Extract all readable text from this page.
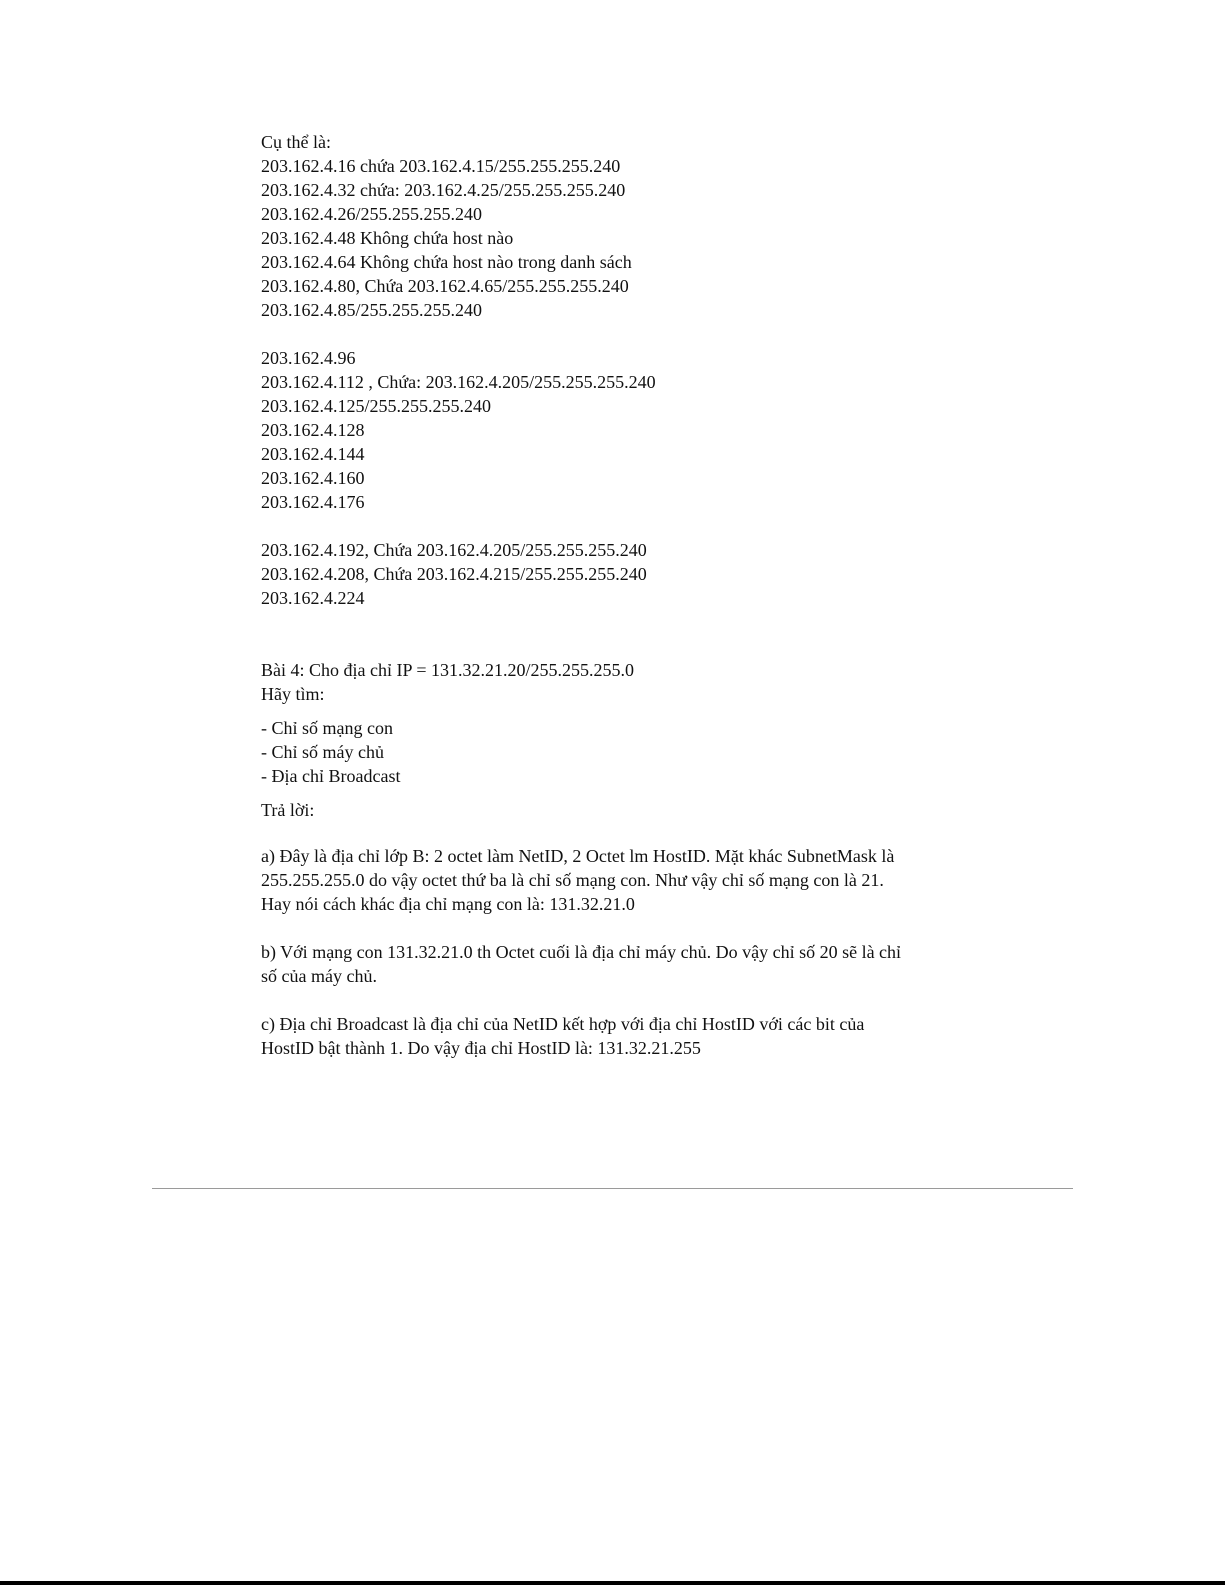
Cụ thể là:
203.162.4.16 chứa 203.162.4.15/255.255.255.240
203.162.4.32 chứa: 203.162.4.25/255.255.255.240
203.162.4.26/255.255.255.240
203.162.4.48 Không chứa host nào
203.162.4.64 Không chứa host nào trong danh sách
203.162.4.80, Chứa 203.162.4.65/255.255.255.240
203.162.4.85/255.255.255.240
203.162.4.96
203.162.4.112 , Chứa: 203.162.4.205/255.255.255.240
203.162.4.125/255.255.255.240
203.162.4.128
203.162.4.144
203.162.4.160
203.162.4.176
203.162.4.192, Chứa 203.162.4.205/255.255.255.240
203.162.4.208, Chứa 203.162.4.215/255.255.255.240
203.162.4.224
Bài 4: Cho địa chỉ IP = 131.32.21.20/255.255.255.0
Hãy tìm:
- Chỉ số mạng con
- Chỉ số máy chủ
- Địa chỉ Broadcast
Trả lời:
a) Đây là địa chỉ lớp B: 2 octet làm NetID, 2 Octet lm HostID. Mặt khác SubnetMask là
255.255.255.0 do vậy octet thứ ba là chỉ số mạng con. Như vậy chỉ số mạng con là 21.
Hay nói cách khác địa chỉ mạng con là: 131.32.21.0
b) Với mạng con 131.32.21.0 th Octet cuối là địa chỉ máy chủ. Do vậy chỉ số 20 sẽ là chỉ
số của máy chủ.
c) Địa chỉ Broadcast là địa chỉ của NetID kết hợp với địa chỉ HostID với các bit của
HostID bật thành 1. Do vậy địa chỉ HostID là: 131.32.21.255
